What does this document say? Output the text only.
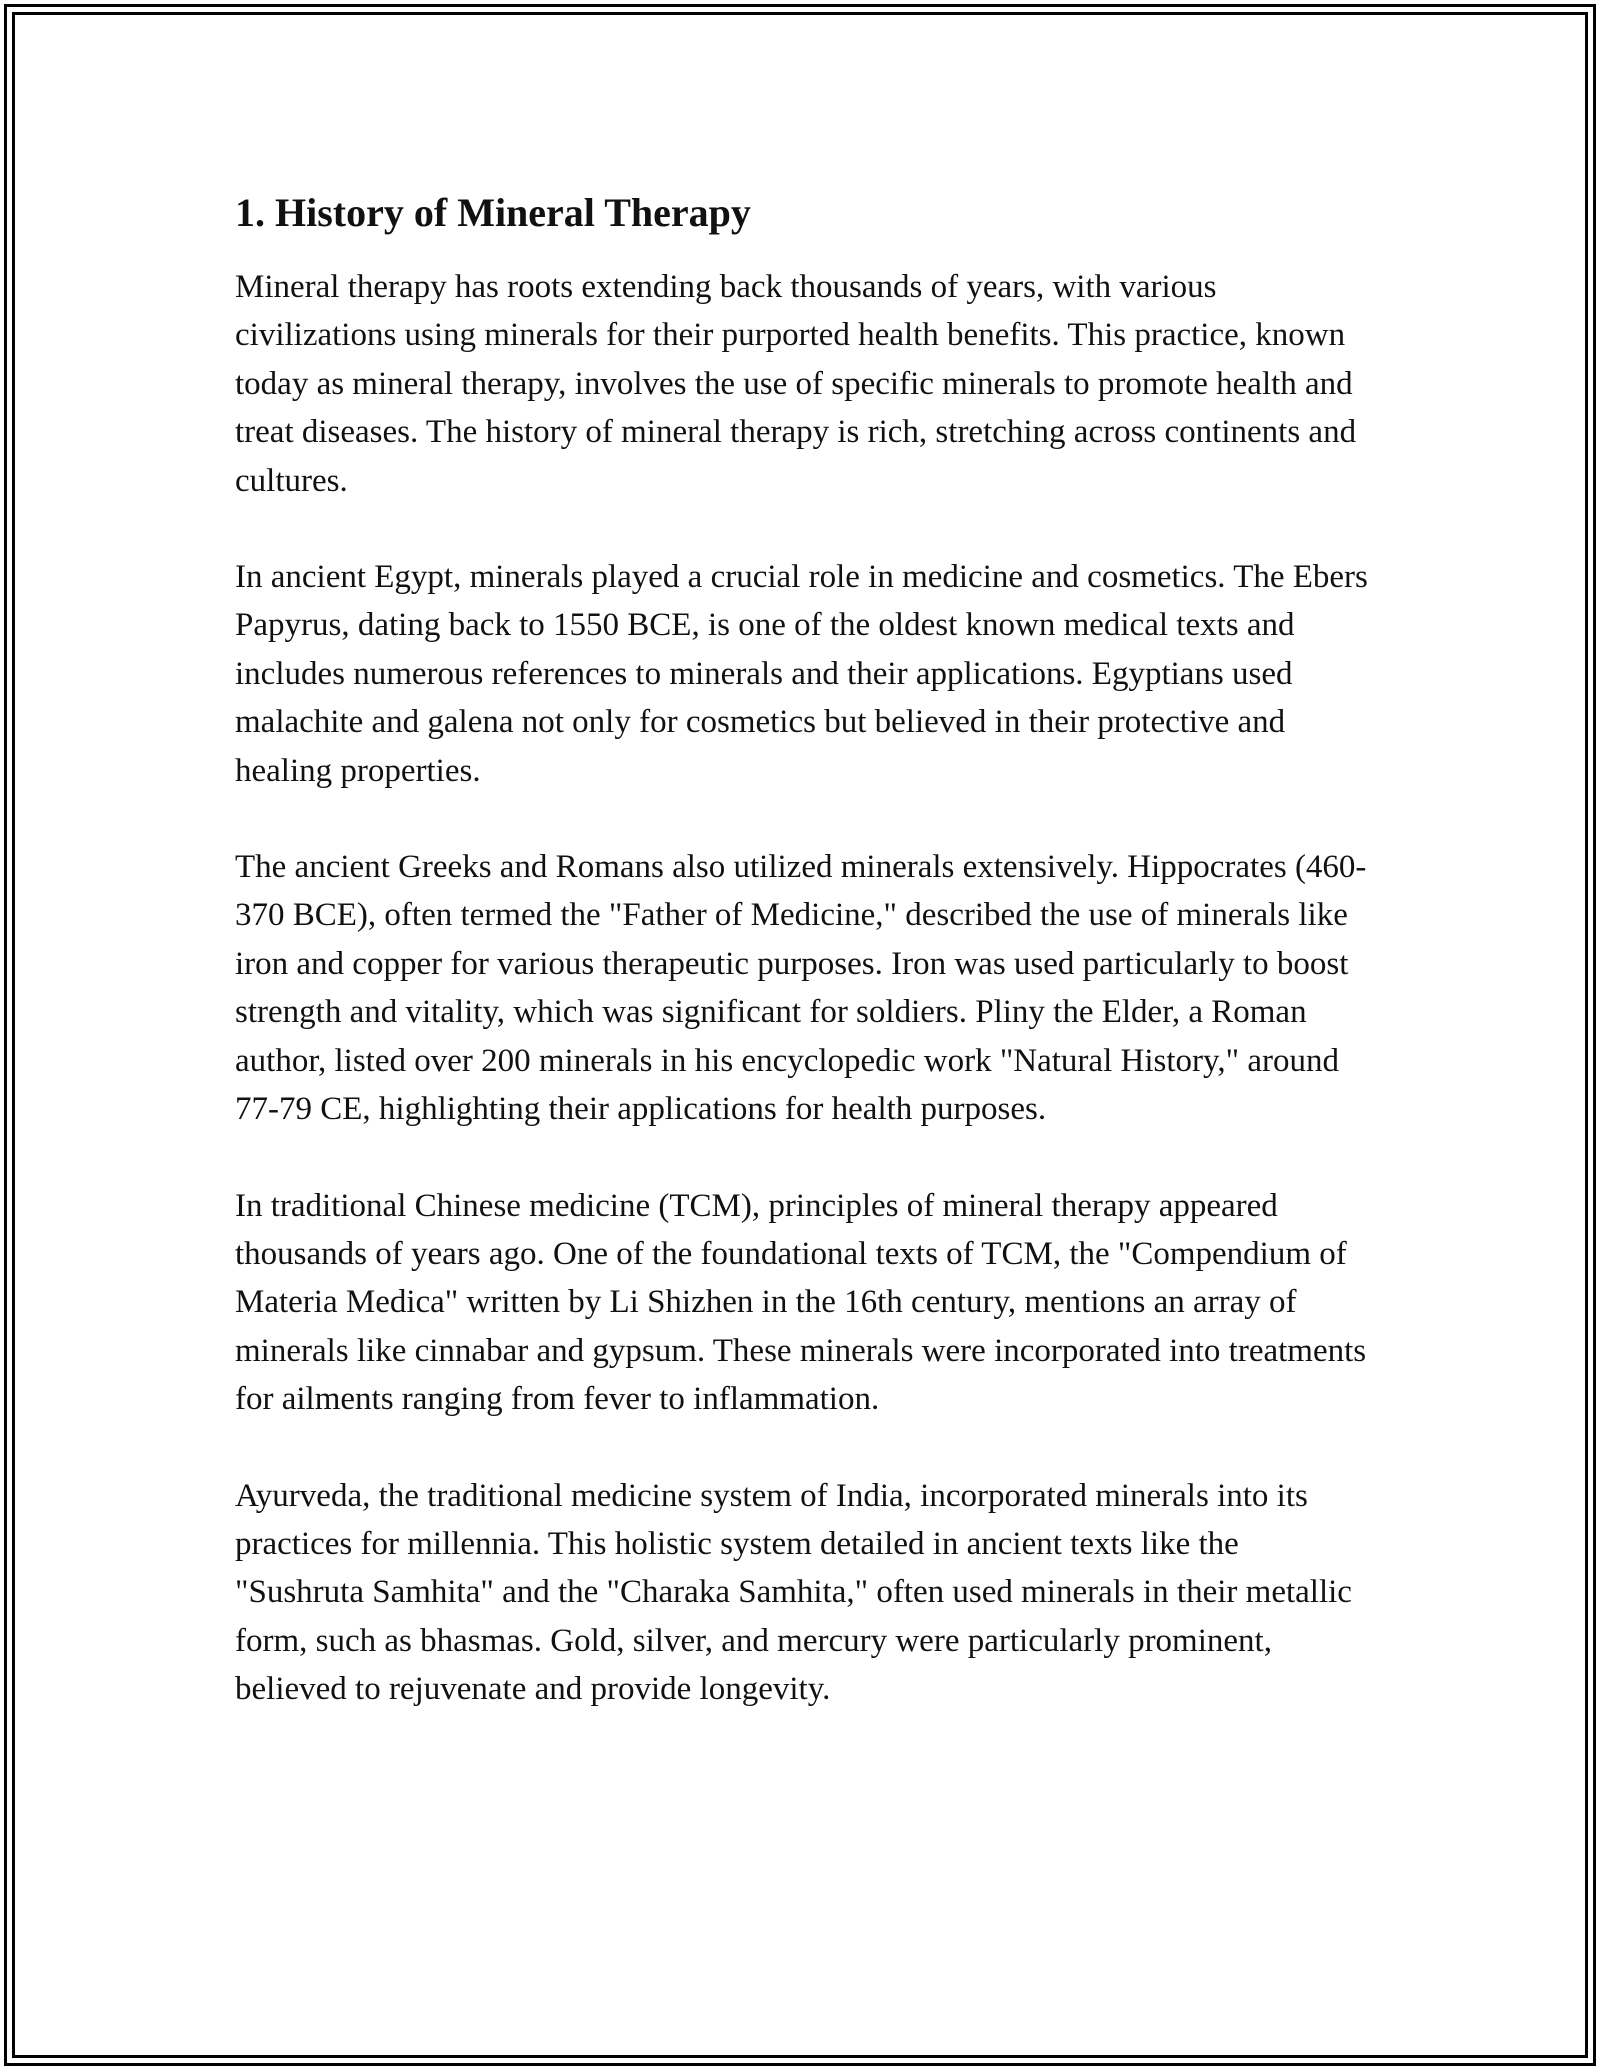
1. History of Mineral Therapy

Mineral therapy has roots extending back thousands of years, with various civilizations using minerals for their purported health benefits. This practice, known today as mineral therapy, involves the use of specific minerals to promote health and treat diseases. The history of mineral therapy is rich, stretching across continents and cultures.

In ancient Egypt, minerals played a crucial role in medicine and cosmetics. The Ebers Papyrus, dating back to 1550 BCE, is one of the oldest known medical texts and includes numerous references to minerals and their applications. Egyptians used malachite and galena not only for cosmetics but believed in their protective and healing properties.

The ancient Greeks and Romans also utilized minerals extensively. Hippocrates (460-370 BCE), often termed the "Father of Medicine," described the use of minerals like iron and copper for various therapeutic purposes. Iron was used particularly to boost strength and vitality, which was significant for soldiers. Pliny the Elder, a Roman author, listed over 200 minerals in his encyclopedic work "Natural History," around 77-79 CE, highlighting their applications for health purposes.

In traditional Chinese medicine (TCM), principles of mineral therapy appeared thousands of years ago. One of the foundational texts of TCM, the "Compendium of Materia Medica" written by Li Shizhen in the 16th century, mentions an array of minerals like cinnabar and gypsum. These minerals were incorporated into treatments for ailments ranging from fever to inflammation.

Ayurveda, the traditional medicine system of India, incorporated minerals into its practices for millennia. This holistic system detailed in ancient texts like the "Sushruta Samhita" and the "Charaka Samhita," often used minerals in their metallic form, such as bhasmas. Gold, silver, and mercury were particularly prominent, believed to rejuvenate and provide longevity.
